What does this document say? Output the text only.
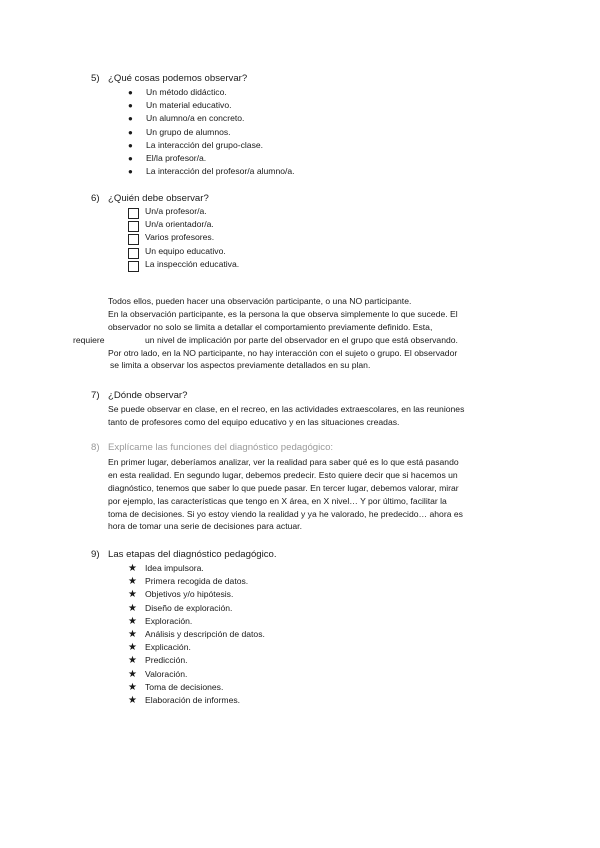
5) ¿Qué cosas podemos observar?
● Un método didáctico.
● Un material educativo.
● Un alumno/a en concreto.
● Un grupo de alumnos.
● La interacción del grupo-clase.
● El/la profesor/a.
● La interacción del profesor/a alumno/a.
6) ¿Quién debe observar?
Un/a profesor/a.
Un/a orientador/a.
Varios profesores.
Un equipo educativo.
La inspección educativa.
Todos ellos, pueden hacer una observación participante, o una NO participante.
En la observación participante, es la persona la que observa simplemente lo que sucede. El
observador no solo se limita a detallar el comportamiento previamente definido. Esta,
requiere	un nivel de implicación por parte del observador en el grupo que está observando.
Por otro lado, en la NO participante, no hay interacción con el sujeto o grupo. El observador
se limita a observar los aspectos previamente detallados en su plan.
7) ¿Dónde observar?
Se puede observar en clase, en el recreo, en las actividades extraescolares, en las reuniones
tanto de profesores como del equipo educativo y en las situaciones creadas.
8) Explícame las funciones del diagnóstico pedagógico:
En primer lugar, deberíamos analizar, ver la realidad para saber qué es lo que está pasando
en esta realidad. En segundo lugar, debemos predecir. Esto quiere decir que si hacemos un
diagnóstico, tenemos que saber lo que puede pasar. En tercer lugar, debemos valorar, mirar
por ejemplo, las características que tengo en X área, en X nivel… Y por último, facilitar la
toma de decisiones. Si yo estoy viendo la realidad y ya he valorado, he predecido… ahora es
hora de tomar una serie de decisiones para actuar.
9) Las etapas del diagnóstico pedagógico.
★ Idea impulsora.
★ Primera recogida de datos.
★ Objetivos y/o hipótesis.
★ Diseño de exploración.
★ Exploración.
★ Análisis y descripción de datos.
★ Explicación.
★ Predicción.
★ Valoración.
★ Toma de decisiones.
★ Elaboración de informes.
